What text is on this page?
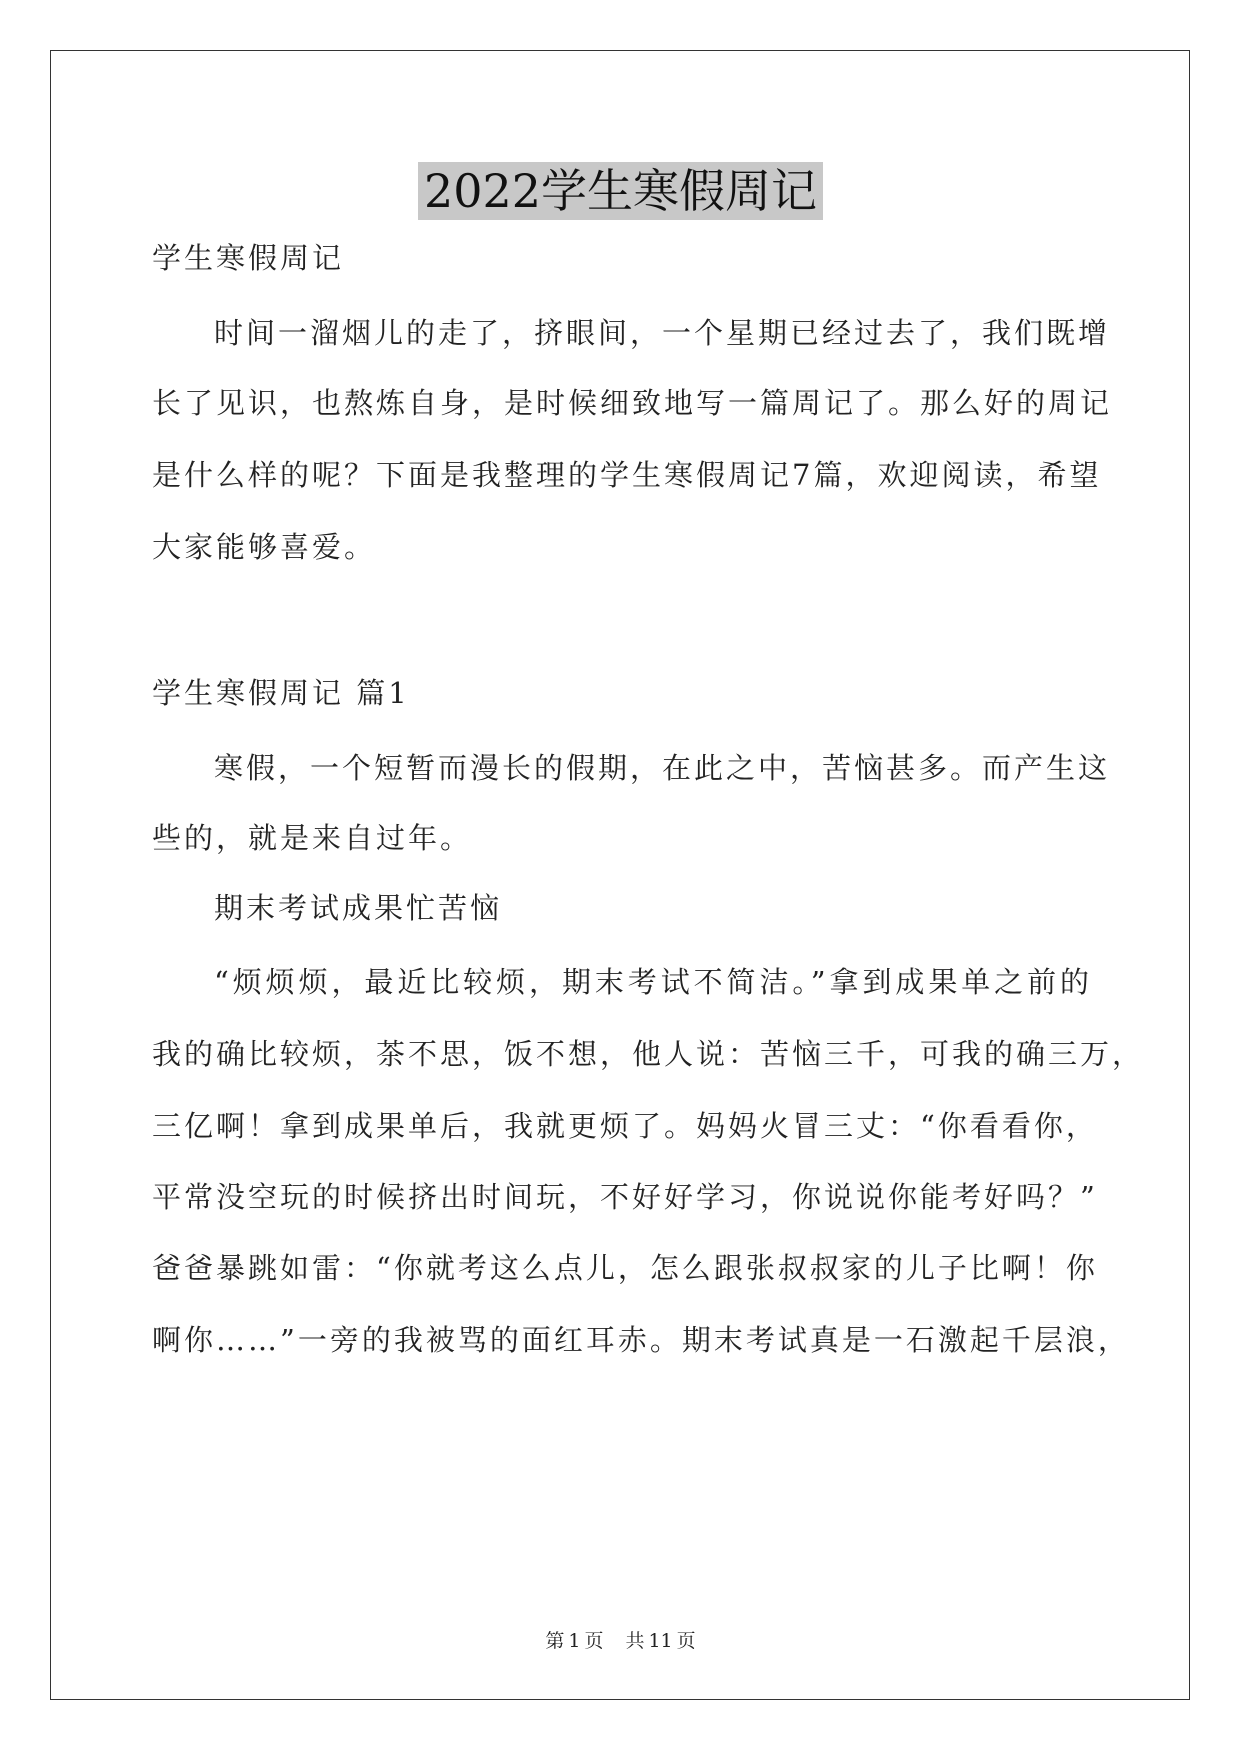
2022学生寒假周记
学生寒假周记
时间一溜烟儿的走了，挤眼间，一个星期已经过去了，我们既增
长了见识，也熬炼自身，是时候细致地写一篇周记了。那么好的周记
是什么样的呢？下面是我整理的学生寒假周记7篇，欢迎阅读，希望
大家能够喜爱。
学生寒假周记 篇1
寒假，一个短暂而漫长的假期，在此之中，苦恼甚多。而产生这
些的，就是来自过年。
期末考试成果忙苦恼
“烦烦烦，最近比较烦，期末考试不简洁。”拿到成果单之前的
我的确比较烦，茶不思，饭不想，他人说：苦恼三千，可我的确三万，
三亿啊！拿到成果单后，我就更烦了。妈妈火冒三丈：“你看看你，
平常没空玩的时候挤出时间玩，不好好学习，你说说你能考好吗？”
爸爸暴跳如雷：“你就考这么点儿，怎么跟张叔叔家的儿子比啊！你
啊你……”一旁的我被骂的面红耳赤。期末考试真是一石激起千层浪，
第 1 页 共 11 页
